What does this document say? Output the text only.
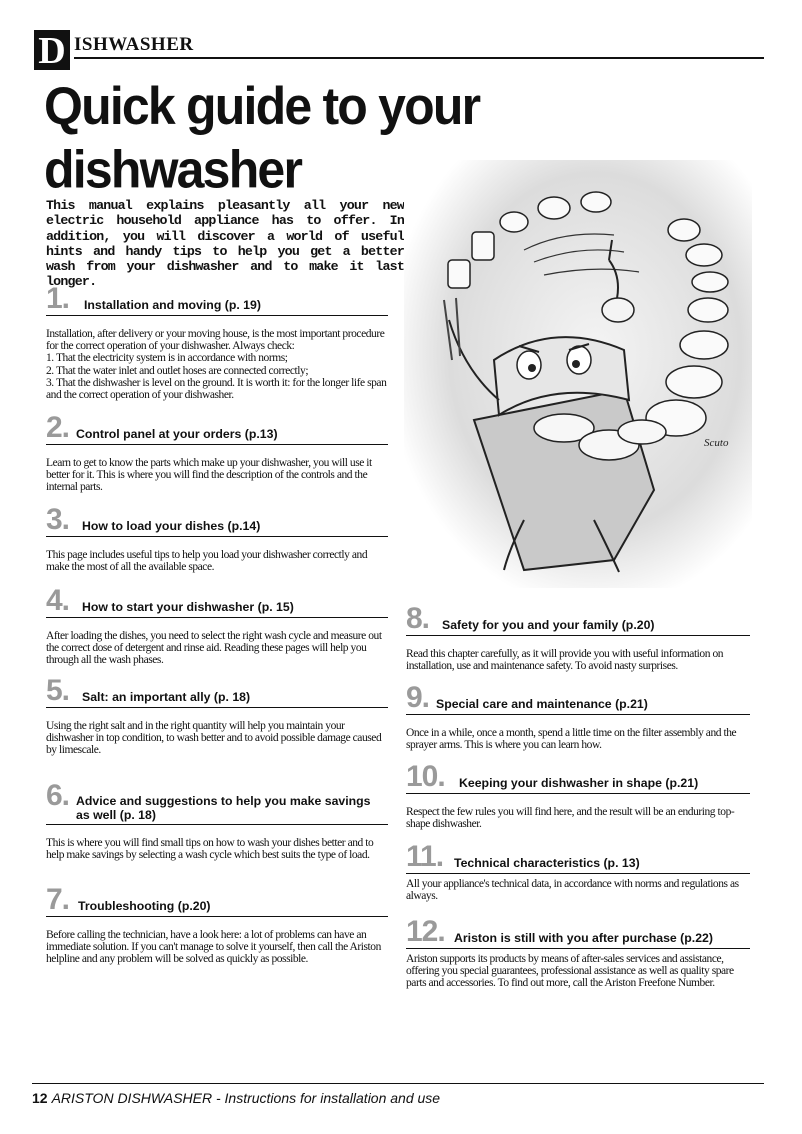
D ISHWASHER
Quick guide to your dishwasher

This manual explains pleasantly all your new electric household appliance has to offer. In addition, you will discover a world of useful hints and handy tips to help you get a better wash from your dishwasher and to make it last longer.

Scuto
1. Installation and moving (p. 19)

Installation, after delivery or your moving house, is the most important procedure for the correct operation of your dishwasher. Always check:
1. That the electricity system is in accordance with norms;
2. That the water inlet and outlet hoses are connected correctly;
3. That the dishwasher is level on the ground. It is worth it: for the longer life span and the correct operation of your dishwasher.

2. Control panel at your orders (p.13)

Learn to get to know the parts which make up your dishwasher, you will use it better for it. This is where you will find the description of the controls and the internal parts.

3. How to load your dishes (p.14)

This page includes useful tips to help you load your dishwasher correctly and make the most of all the available space.

4. How to start your dishwasher (p. 15)

After loading the dishes, you need to select the right wash cycle and measure out the correct dose of detergent and rinse aid. Reading these pages will help you through all the wash phases.

5. Salt: an important ally (p. 18)

Using the right salt and in the right quantity will help you maintain your dishwasher in top condition, to wash better and to avoid possible damage caused by limescale.

6. Advice and suggestions to help you make savings as well (p. 18)

This is where you will find small tips on how to wash your dishes better and to help make savings by selecting a wash cycle which best suits the type of load.

7. Troubleshooting (p.20)

Before calling the technician, have a look here: a lot of problems can have an immediate solution. If you can't manage to solve it yourself, then call the Ariston helpline and any problem will be solved as quickly as possible.

8. Safety for you and your family (p.20)

Read this chapter carefully, as it will provide you with useful information on installation, use and maintenance safety. To avoid nasty surprises.

9. Special care and maintenance (p.21)

Once in a while, once a month, spend a little time on the filter assembly and the sprayer arms. This is where you can learn how.

10. Keeping your dishwasher in shape (p.21)

Respect the few rules you will find here, and the result will be an enduring top-shape dishwasher.

11. Technical characteristics (p. 13)

All your appliance's technical data, in accordance with norms and regulations as always.

12. Ariston is still with you after purchase (p.22)

Ariston supports its products by means of after-sales services and assistance, offering you special guarantees, professional assistance as well as quality spare parts and accessories. To find out more, call the Ariston Freefone Number.

12 ARISTON DISHWASHER - Instructions for installation and use
